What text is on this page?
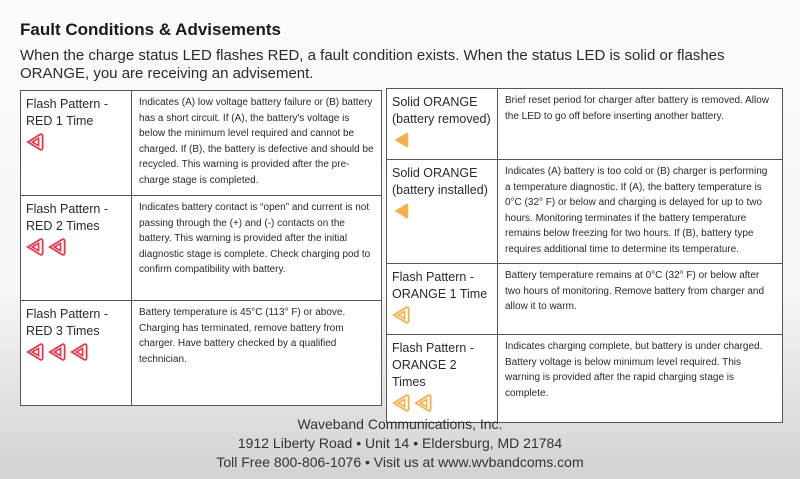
Fault Conditions & Advisements
When the charge status LED flashes RED, a fault condition exists. When the status LED is solid or flashes ORANGE, you are receiving an advisement.
Flash Pattern -
RED 1 Time	Indicates (A) low voltage battery failure or (B) battery has a short circuit. If (A), the battery's voltage is below the minimum level required and cannot be charged. If (B), the battery is defective and should be recycled. This warning is provided after the pre-charge stage is completed.

Flash Pattern -
RED 2 Times	Indicates battery contact is “open” and current is not passing through the (+) and (-) contacts on the battery. This warning is provided after the initial diagnostic stage is complete. Check charging pod to confirm compatibility with battery.

Flash Pattern -
RED 3 Times	Battery temperature is 45°C (113° F) or above. Charging has terminated, remove battery from charger. Have battery checked by a qualified technician.
Solid ORANGE
(battery removed)	Brief reset period for charger after battery is removed. Allow the LED to go off before inserting another battery.

Solid ORANGE
(battery installed)	Indicates (A) battery is too cold or (B) charger is performing a temperature diagnostic. If (A), the battery temperature is 0°C (32° F) or below and charging is delayed for up to two hours. Monitoring terminates if the battery temperature remains below freezing for two hours. If (B), battery type requires additional time to determine its temperature.

Flash Pattern -
ORANGE 1 Time	Battery temperature remains at 0°C (32° F) or below after two hours of monitoring. Remove battery from charger and allow it to warm.

Flash Pattern -
ORANGE 2 Times	Indicates charging complete, but battery is under charged. Battery voltage is below minimum level required. This warning is provided after the rapid charging stage is complete.
Waveband Communications, Inc.
1912 Liberty Road • Unit 14 • Eldersburg, MD 21784
Toll Free 800-806-1076 • Visit us at www.wvbandcoms.com
